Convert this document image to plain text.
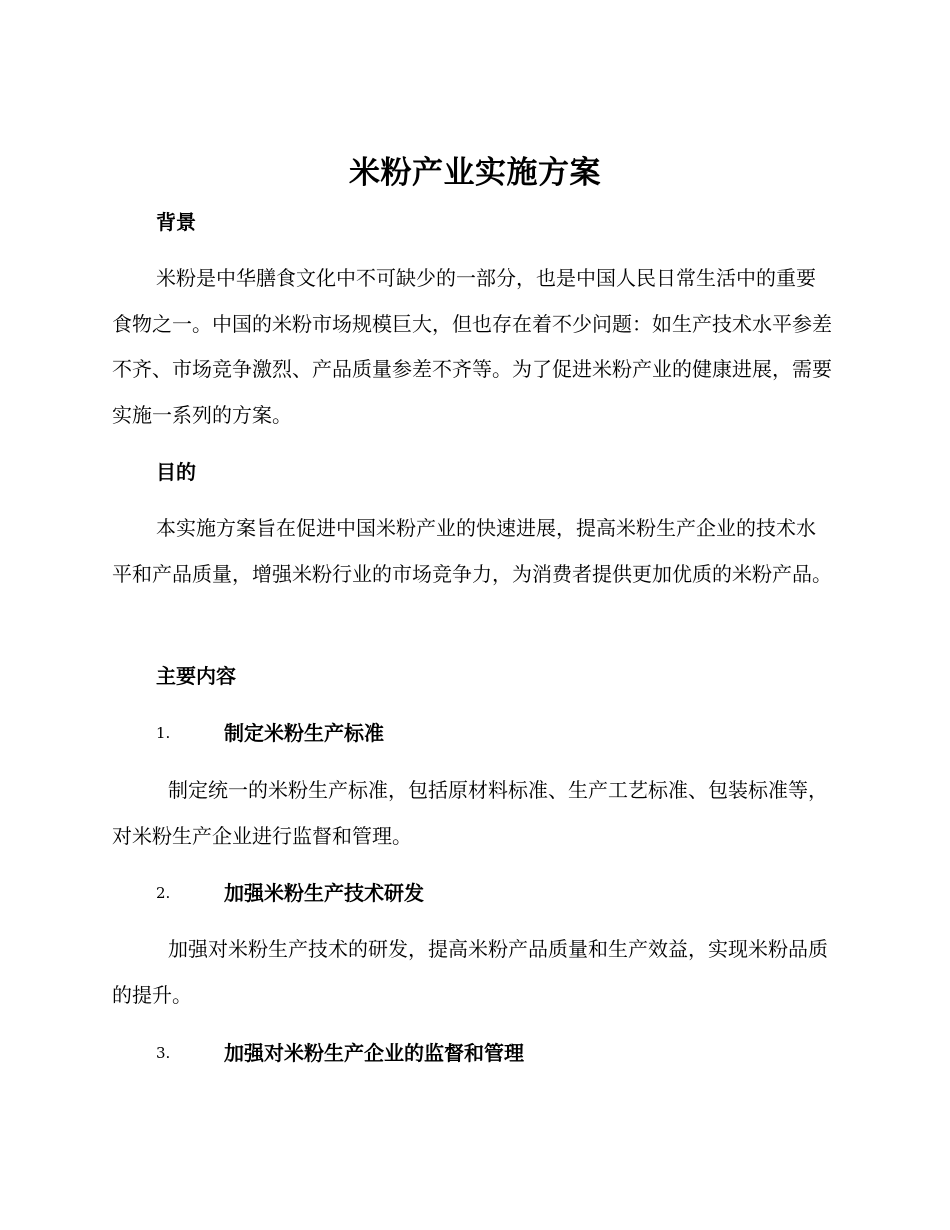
米粉产业实施方案
背景

米粉是中华膳食文化中不可缺少的一部分，也是中国人民日常生活中的重要食物之一。中国的米粉市场规模巨大，但也存在着不少问题：如生产技术水平参差不齐、市场竞争激烈、产品质量参差不齐等。为了促进米粉产业的健康进展，需要实施一系列的方案。

目的

本实施方案旨在促进中国米粉产业的快速进展，提高米粉生产企业的技术水平和产品质量，增强米粉行业的市场竞争力，为消费者提供更加优质的米粉产品。

主要内容
1.	制定米粉生产标准

制定统一的米粉生产标准，包括原材料标准、生产工艺标准、包装标准等，对米粉生产企业进行监督和管理。

2.	加强米粉生产技术研发

加强对米粉生产技术的研发，提高米粉产品质量和生产效益，实现米粉品质的提升。

3.	加强对米粉生产企业的监督和管理
